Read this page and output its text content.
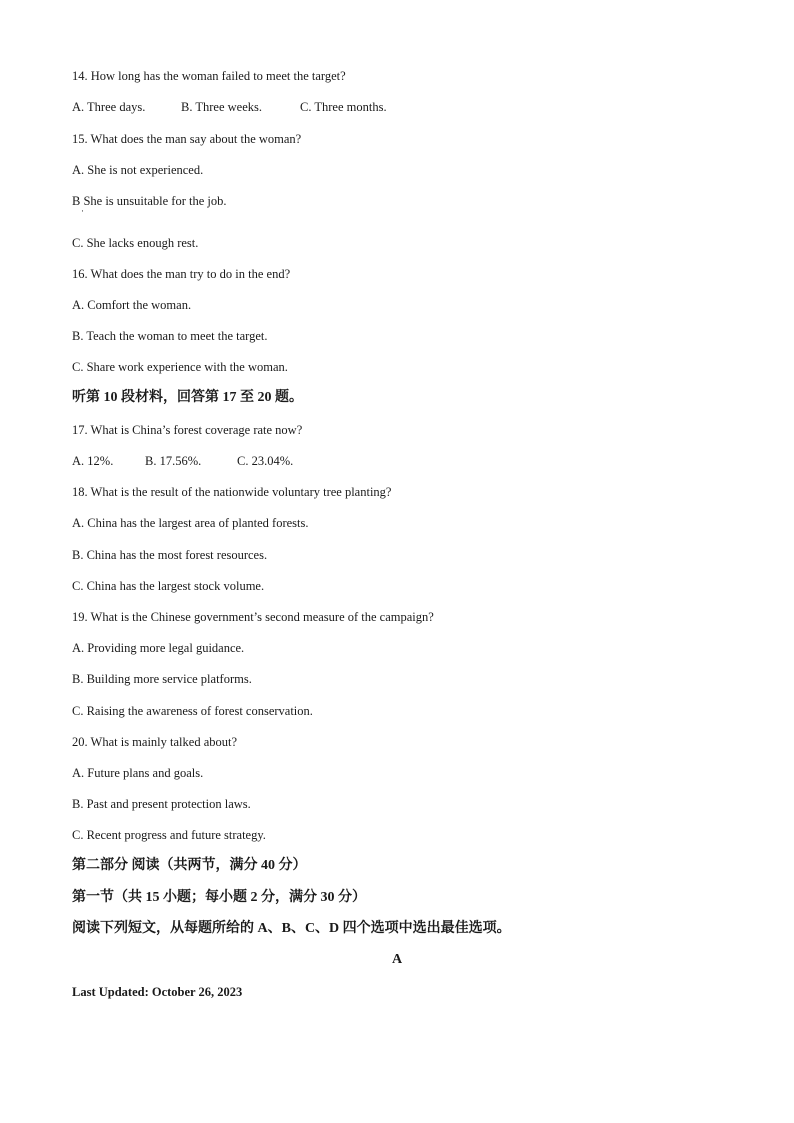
14. How long has the woman failed to meet the target?
A. Three days.	B. Three weeks.	C. Three months.
15. What does the man say about the woman?
A. She is not experienced.
B She is unsuitable for the job.
·
C. She lacks enough rest.
16. What does the man try to do in the end?
A. Comfort the woman.
B. Teach the woman to meet the target.
C. Share work experience with the woman.
听第 10 段材料，回答第 17 至 20 题。
17. What is China’s forest coverage rate now?
A. 12%.	B. 17.56%.	C. 23.04%.
18. What is the result of the nationwide voluntary tree planting?
A. China has the largest area of planted forests.
B. China has the most forest resources.
C. China has the largest stock volume.
19. What is the Chinese government’s second measure of the campaign?
A. Providing more legal guidance.
B. Building more service platforms.
C. Raising the awareness of forest conservation.
20. What is mainly talked about?
A. Future plans and goals.
B. Past and present protection laws.
C. Recent progress and future strategy.
第二部分 阅读（共两节，满分 40 分）
第一节（共 15 小题；每小题 2 分，满分 30 分）
阅读下列短文，从每题所给的 A、B、C、D 四个选项中选出最佳选项。
A
Last Updated: October 26, 2023
